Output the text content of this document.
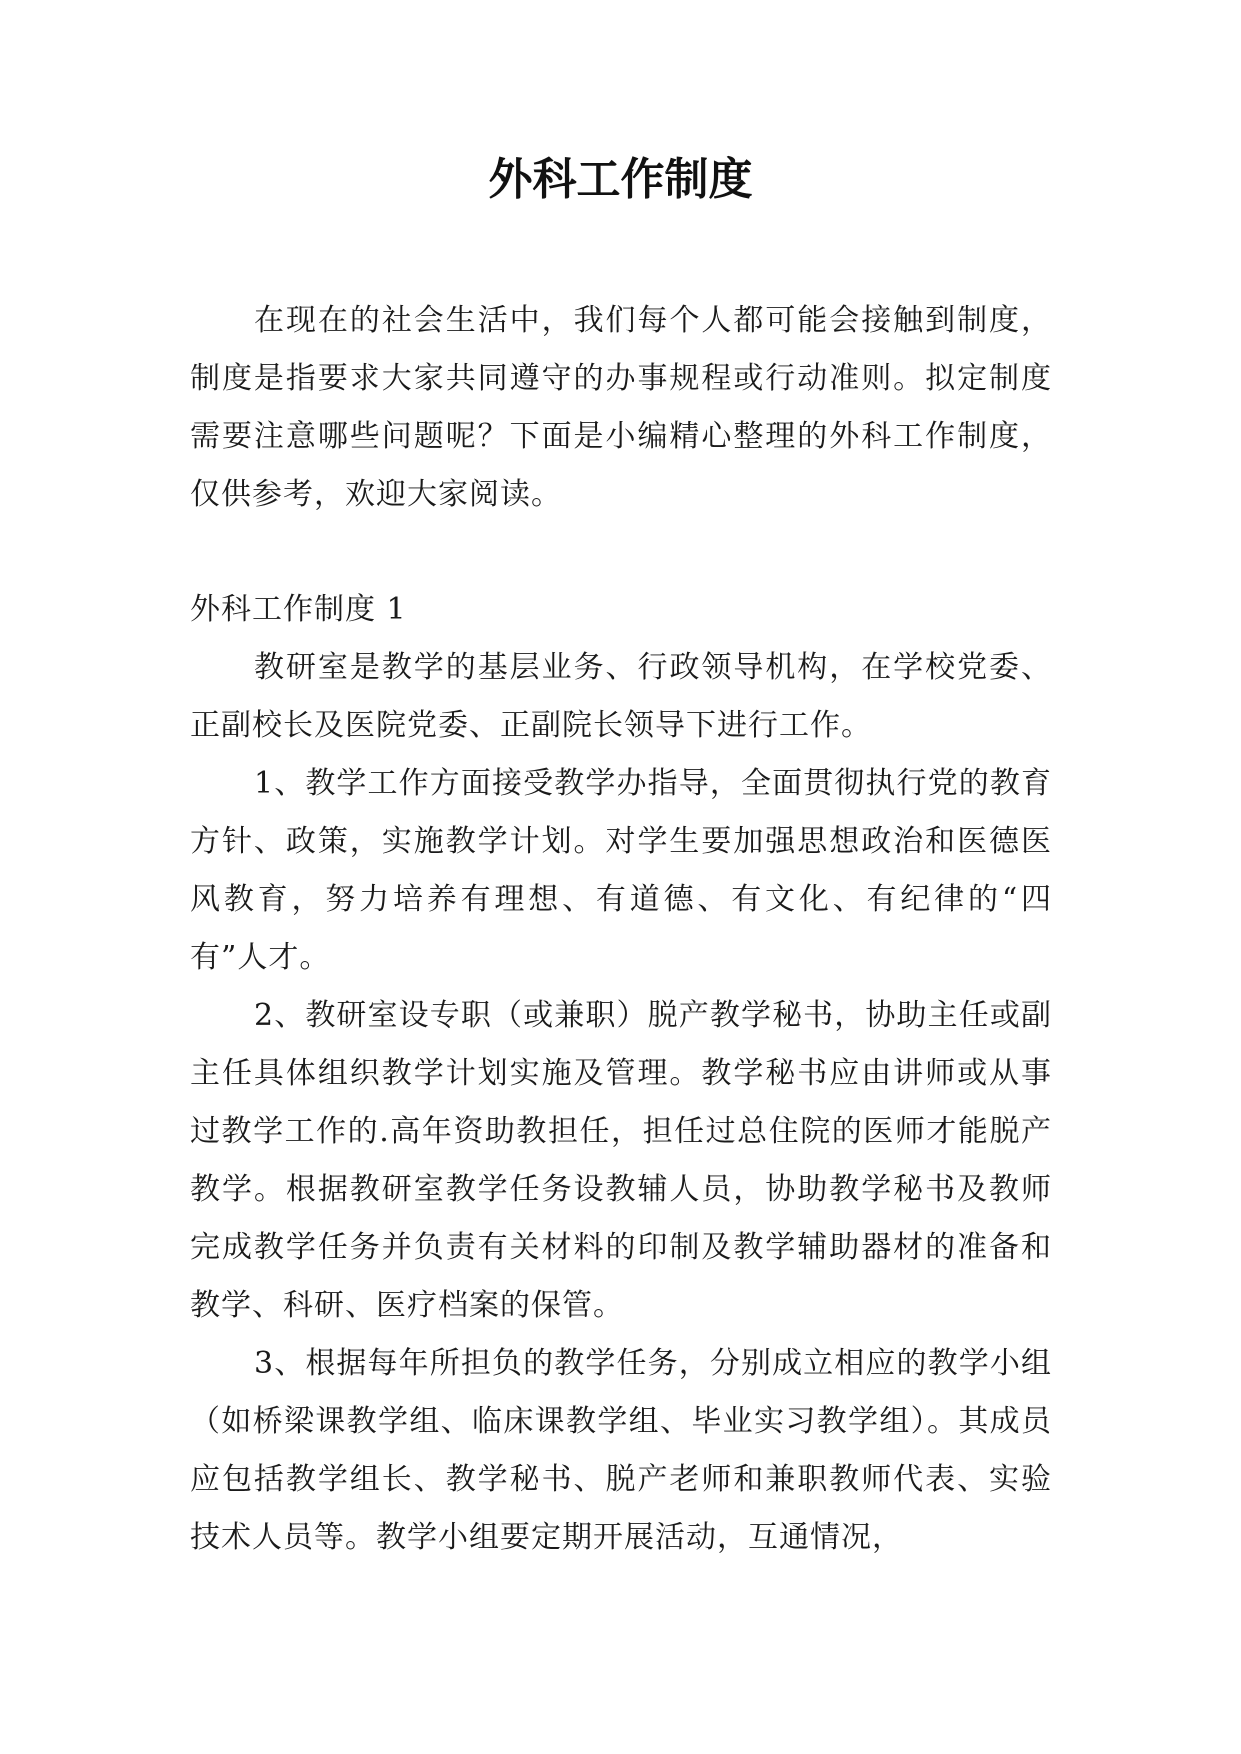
外科工作制度

在现在的社会生活中，我们每个人都可能会接触到制度，制度是指要求大家共同遵守的办事规程或行动准则。拟定制度需要注意哪些问题呢？下面是小编精心整理的外科工作制度，仅供参考，欢迎大家阅读。

外科工作制度 1

教研室是教学的基层业务、行政领导机构，在学校党委、正副校长及医院党委、正副院长领导下进行工作。

1、教学工作方面接受教学办指导，全面贯彻执行党的教育方针、政策，实施教学计划。对学生要加强思想政治和医德医风教育，努力培养有理想、有道德、有文化、有纪律的“四有”人才。

2、教研室设专职（或兼职）脱产教学秘书，协助主任或副主任具体组织教学计划实施及管理。教学秘书应由讲师或从事过教学工作的.高年资助教担任，担任过总住院的医师才能脱产教学。根据教研室教学任务设教辅人员，协助教学秘书及教师完成教学任务并负责有关材料的印制及教学辅助器材的准备和教学、科研、医疗档案的保管。

3、根据每年所担负的教学任务，分别成立相应的教学小组（如桥梁课教学组、临床课教学组、毕业实习教学组）。其成员应包括教学组长、教学秘书、脱产老师和兼职教师代表、实验技术人员等。教学小组要定期开展活动，互通情况，
